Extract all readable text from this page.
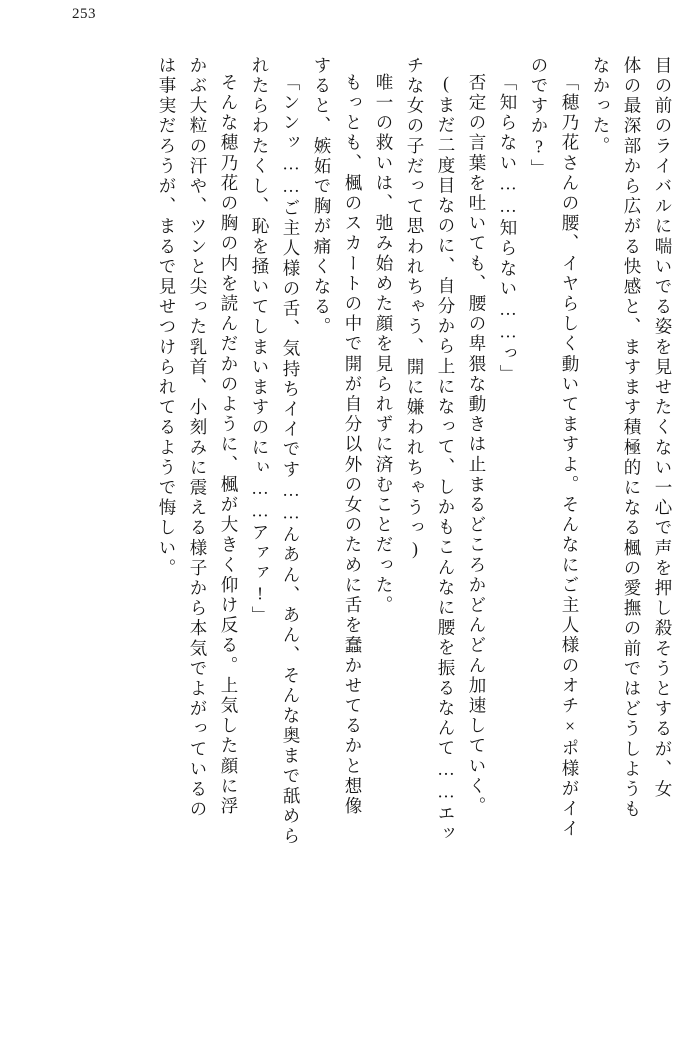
253
目の前のライバルに喘いでる姿を見せたくない一心で声を押し殺そうとするが、女
体の最深部から広がる快感と、ますます積極的になる楓の愛撫の前ではどうしようも
なかった。
「穂乃花さんの腰、イヤらしく動いてますよ。そんなにご主人様のオチ×ポ様がイイ
のですか?」
「知らない……知らない……っ」
否定の言葉を吐いても、腰の卑猥な動きは止まるどころかどんどん加速していく。
(まだ二度目なのに、自分から上になって、しかもこんなに腰を振るなんて……エッ
チな女の子だって思われちゃう、開に嫌われちゃうっ)
唯一の救いは、弛み始めた顔を見られずに済むことだった。
もっとも、楓のスカートの中で開が自分以外の女のために舌を蠢かせてるかと想像
すると、嫉妬で胸が痛くなる。
「ンンッ……ご主人様の舌、気持ちイイです……んあん、あん、そんな奥まで舐めら
れたらわたくし、恥を掻いてしまいますのにぃ……アァァ!」
そんな穂乃花の胸の内を読んだかのように、楓が大きく仰け反る。上気した顔に浮
かぶ大粒の汗や、ツンと尖った乳首、小刻みに震える様子から本気でよがっているの
は事実だろうが、まるで見せつけられてるようで悔しい。
